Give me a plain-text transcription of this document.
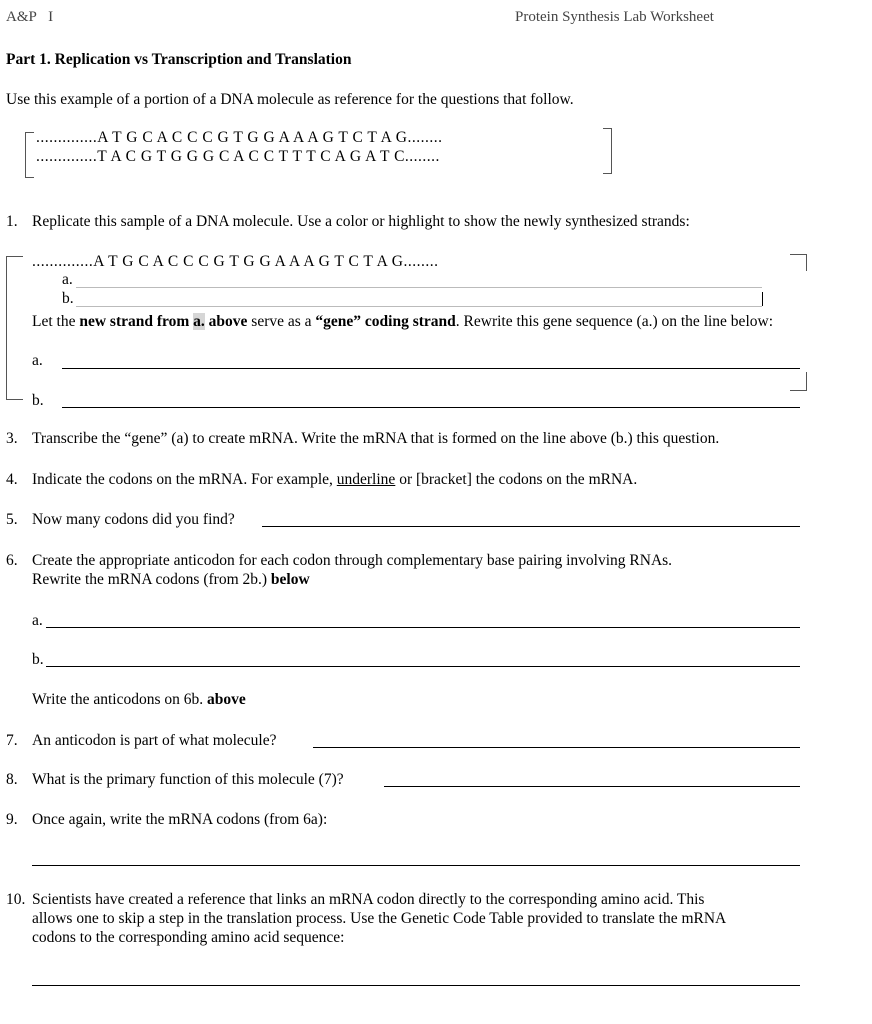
A&P I	Protein Synthesis Lab Worksheet
Part 1. Replication vs Transcription and Translation
Use this example of a portion of a DNA molecule as reference for the questions that follow.
..............A T G C A C C C G T G G A A A G T C T A G........
..............T A C G T G G G C A C C T T T C A G A T C........
1. Replicate this sample of a DNA molecule. Use a color or highlight to show the newly synthesized strands:
..............A T G C A C C C G T G G A A A G T C T A G........
a.
b.
Let the new strand from a. above serve as a “gene” coding strand. Rewrite this gene sequence (a.) on the line below:
a.
b.
3. Transcribe the “gene” (a) to create mRNA. Write the mRNA that is formed on the line above (b.) this question.
4. Indicate the codons on the mRNA. For example, underline or [bracket] the codons on the mRNA.
5. Now many codons did you find?
6. Create the appropriate anticodon for each codon through complementary base pairing involving RNAs.
Rewrite the mRNA codons (from 2b.) below
a.
b.
Write the anticodons on 6b. above
7. An anticodon is part of what molecule?
8. What is the primary function of this molecule (7)?
9. Once again, write the mRNA codons (from 6a):
10. Scientists have created a reference that links an mRNA codon directly to the corresponding amino acid. This
allows one to skip a step in the translation process. Use the Genetic Code Table provided to translate the mRNA
codons to the corresponding amino acid sequence:
